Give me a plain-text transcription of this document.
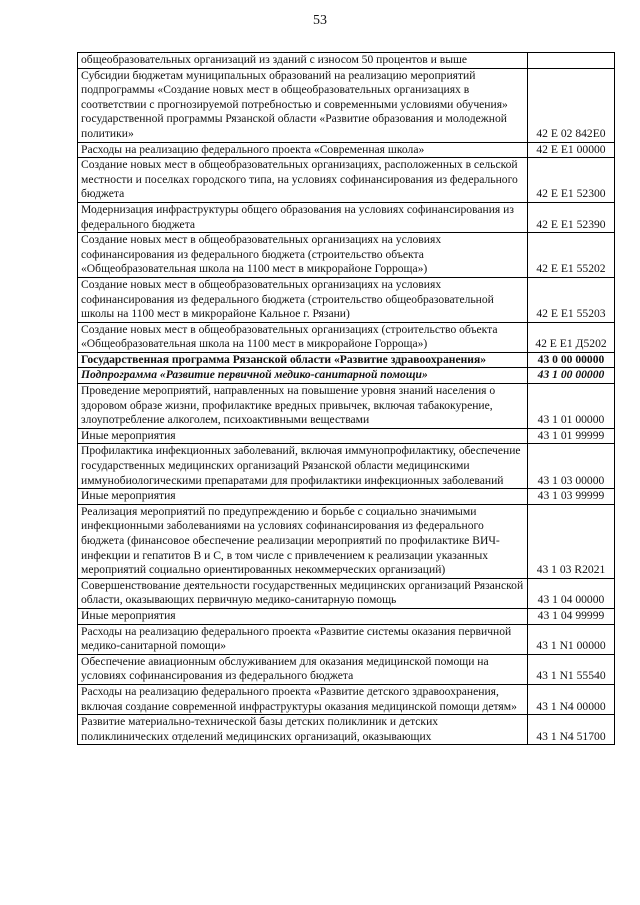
53
общеобразовательных организаций из зданий с износом 50 процентов и выше	
Субсидии бюджетам муниципальных образований на реализацию мероприятий подпрограммы «Создание новых мест в общеобразовательных организациях в соответствии с прогнозируемой потребностью и современными условиями обучения» государственной программы Рязанской области «Развитие образования и молодежной политики»	42 Е 02 842Е0
Расходы на реализацию федерального проекта «Современная школа»	42 Е Е1 00000
Создание новых мест в общеобразовательных организациях, расположенных в сельской местности и поселках городского типа, на условиях софинансирования из федерального бюджета	42 Е Е1 52300
Модернизация инфраструктуры общего образования на условиях софинансирования из федерального бюджета	42 Е Е1 52390
Создание новых мест в общеобразовательных организациях на условиях софинансирования из федерального бюджета (строительство объекта «Общеобразовательная школа на 1100 мест в микрорайоне Горроща»)	42 Е Е1 55202
Создание новых мест в общеобразовательных организациях на условиях софинансирования из федерального бюджета (строительство общеобразовательной школы на 1100 мест в микрорайоне Кальное г. Рязани)	42 Е Е1 55203
Создание новых мест в общеобразовательных организациях (строительство объекта «Общеобразовательная школа на 1100 мест в микрорайоне Горроща»)	42 Е Е1 Д5202
Государственная программа Рязанской области «Развитие здравоохранения»	43 0 00 00000
Подпрограмма «Развитие первичной медико-санитарной помощи»	43 1 00 00000
Проведение мероприятий, направленных на повышение уровня знаний населения о здоровом образе жизни, профилактике вредных привычек, включая табакокурение, злоупотребление алкоголем, психоактивными веществами	43 1 01 00000
Иные мероприятия	43 1 01 99999
Профилактика инфекционных заболеваний, включая иммунопрофилактику, обеспечение государственных медицинских организаций Рязанской области медицинскими иммунобиологическими препаратами для профилактики инфекционных заболеваний	43 1 03 00000
Иные мероприятия	43 1 03 99999
Реализация мероприятий по предупреждению и борьбе с социально значимыми инфекционными заболеваниями на условиях софинансирования из федерального бюджета (финансовое обеспечение реализации мероприятий по профилактике ВИЧ-инфекции и гепатитов В и С, в том числе с привлечением к реализации указанных мероприятий социально ориентированных некоммерческих организаций)	43 1 03 R2021
Совершенствование деятельности государственных медицинских организаций Рязанской области, оказывающих первичную медико-санитарную помощь	43 1 04 00000
Иные мероприятия	43 1 04 99999
Расходы на реализацию федерального проекта «Развитие системы оказания первичной медико-санитарной помощи»	43 1 N1 00000
Обеспечение авиационным обслуживанием для оказания медицинской помощи на условиях софинансирования из федерального бюджета	43 1 N1 55540
Расходы на реализацию федерального проекта «Развитие детского здравоохранения, включая создание современной инфраструктуры оказания медицинской помощи детям»	43 1 N4 00000
Развитие материально-технической базы детских поликлиник и детских поликлинических отделений медицинских организаций, оказывающих	43 1 N4 51700
